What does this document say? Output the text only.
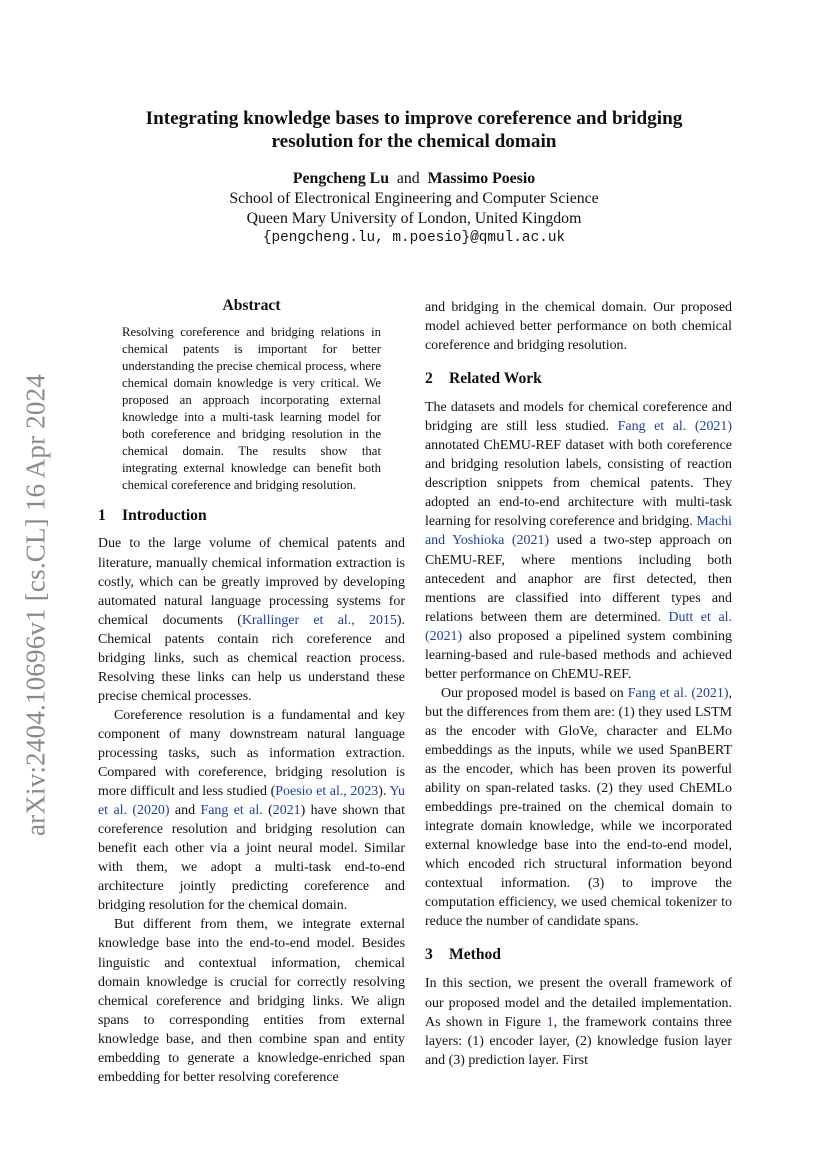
arXiv:2404.10696v1 [cs.CL] 16 Apr 2024
Integrating knowledge bases to improve coreference and bridging
resolution for the chemical domain
Pengcheng Lu and Massimo Poesio
School of Electronical Engineering and Computer Science
Queen Mary University of London, United Kingdom
{pengcheng.lu, m.poesio}@qmul.ac.uk
Abstract

Resolving coreference and bridging relations in chemical patents is important for better understanding the precise chemical process, where chemical domain knowledge is very critical. We proposed an approach incorporating external knowledge into a multi-task learning model for both coreference and bridging resolution in the chemical domain. The results show that integrating external knowledge can benefit both chemical coreference and bridging resolution.

1 Introduction

Due to the large volume of chemical patents and literature, manually chemical information extraction is costly, which can be greatly improved by developing automated natural language processing systems for chemical documents (Krallinger et al., 2015). Chemical patents contain rich coreference and bridging links, such as chemical reaction process. Resolving these links can help us understand these precise chemical processes.

Coreference resolution is a fundamental and key component of many downstream natural language processing tasks, such as information extraction. Compared with coreference, bridging resolution is more difficult and less studied (Poesio et al., 2023). Yu et al. (2020) and Fang et al. (2021) have shown that coreference resolution and bridging resolution can benefit each other via a joint neural model. Similar with them, we adopt a multi-task end-to-end architecture jointly predicting coreference and bridging resolution for the chemical domain.

But different from them, we integrate external knowledge base into the end-to-end model. Besides linguistic and contextual information, chemical domain knowledge is crucial for correctly resolving chemical coreference and bridging links. We align spans to corresponding entities from external knowledge base, and then combine span and entity embedding to generate a knowledge-enriched span embedding for better resolving coreference

and bridging in the chemical domain. Our proposed model achieved better performance on both chemical coreference and bridging resolution.

2 Related Work

The datasets and models for chemical coreference and bridging are still less studied. Fang et al. (2021) annotated ChEMU-REF dataset with both coreference and bridging resolution labels, consisting of reaction description snippets from chemical patents. They adopted an end-to-end architecture with multi-task learning for resolving coreference and bridging. Machi and Yoshioka (2021) used a two-step approach on ChEMU-REF, where mentions including both antecedent and anaphor are first detected, then mentions are classified into different types and relations between them are determined. Dutt et al. (2021) also proposed a pipelined system combining learning-based and rule-based methods and achieved better performance on ChEMU-REF.

Our proposed model is based on Fang et al. (2021), but the differences from them are: (1) they used LSTM as the encoder with GloVe, character and ELMo embeddings as the inputs, while we used SpanBERT as the encoder, which has been proven its powerful ability on span-related tasks. (2) they used ChEMLo embeddings pre-trained on the chemical domain to integrate domain knowledge, while we incorporated external knowledge base into the end-to-end model, which encoded rich structural information beyond contextual information. (3) to improve the computation efficiency, we used chemical tokenizer to reduce the number of candidate spans.

3 Method

In this section, we present the overall framework of our proposed model and the detailed implementation. As shown in Figure 1, the framework contains three layers: (1) encoder layer, (2) knowledge fusion layer and (3) prediction layer. First
